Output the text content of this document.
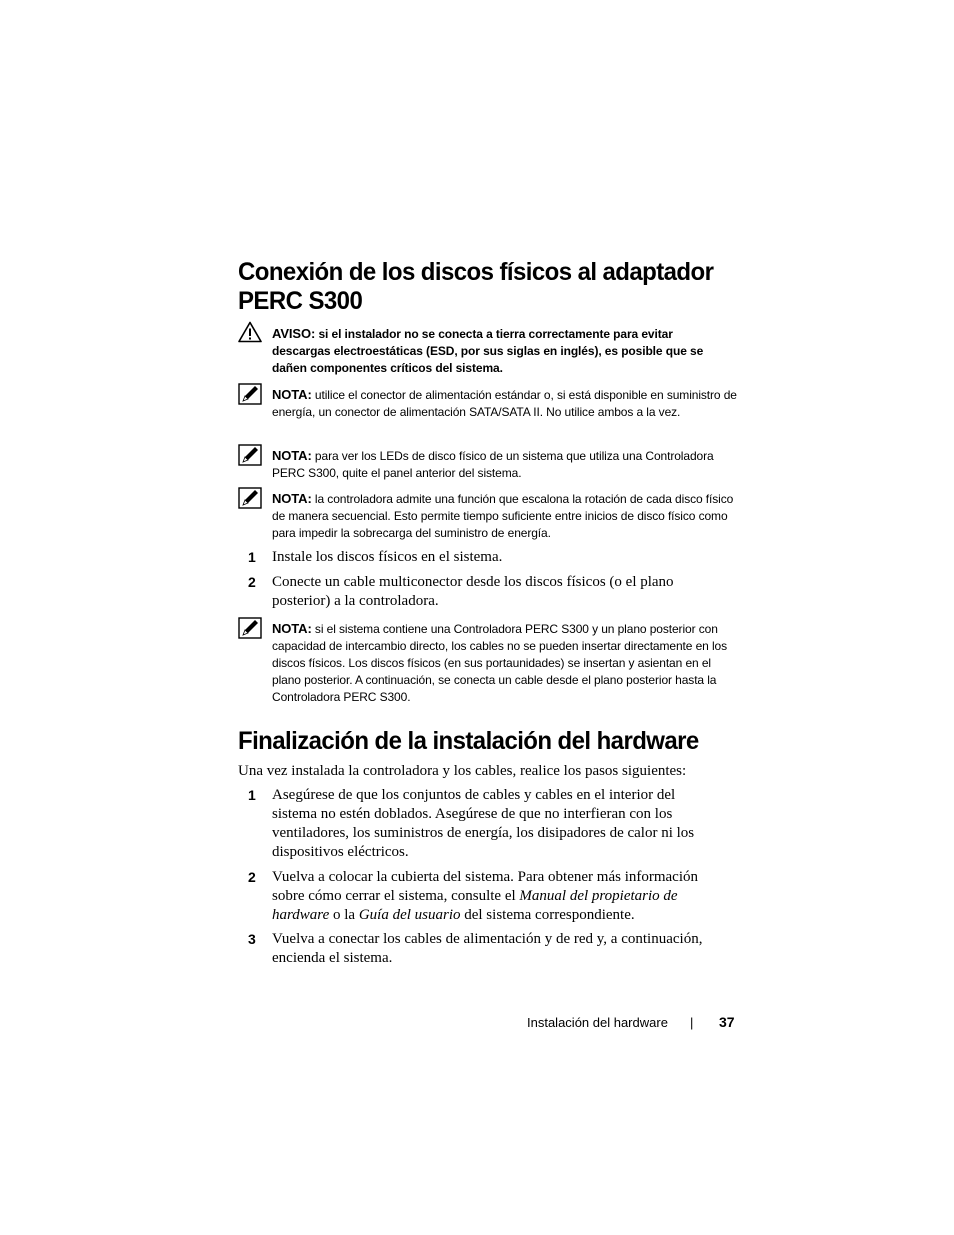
Conexión de los discos físicos al adaptador
PERC S300
AVISO: si el instalador no se conecta a tierra correctamente para evitar descargas electroestáticas (ESD, por sus siglas en inglés), es posible que se dañen componentes críticos del sistema.
NOTA: utilice el conector de alimentación estándar o, si está disponible en suministro de energía, un conector de alimentación SATA/SATA II. No utilice ambos a la vez.
NOTA: para ver los LEDs de disco físico de un sistema que utiliza una Controladora PERC S300, quite el panel anterior del sistema.
NOTA: la controladora admite una función que escalona la rotación de cada disco físico de manera secuencial. Esto permite tiempo suficiente entre inicios de disco físico como para impedir la sobrecarga del suministro de energía.
1 Instale los discos físicos en el sistema.
2 Conecte un cable multiconector desde los discos físicos (o el plano posterior) a la controladora.
NOTA: si el sistema contiene una Controladora PERC S300 y un plano posterior con capacidad de intercambio directo, los cables no se pueden insertar directamente en los discos físicos. Los discos físicos (en sus portaunidades) se insertan y asientan en el plano posterior. A continuación, se conecta un cable desde el plano posterior hasta la Controladora PERC S300.
Finalización de la instalación del hardware
Una vez instalada la controladora y los cables, realice los pasos siguientes:
1 Asegúrese de que los conjuntos de cables y cables en el interior del sistema no estén doblados. Asegúrese de que no interfieran con los ventiladores, los suministros de energía, los disipadores de calor ni los dispositivos eléctricos.
2 Vuelva a colocar la cubierta del sistema. Para obtener más información sobre cómo cerrar el sistema, consulte el Manual del propietario de hardware o la Guía del usuario del sistema correspondiente.
3 Vuelva a conectar los cables de alimentación y de red y, a continuación, encienda el sistema.
Instalación del hardware | 37
